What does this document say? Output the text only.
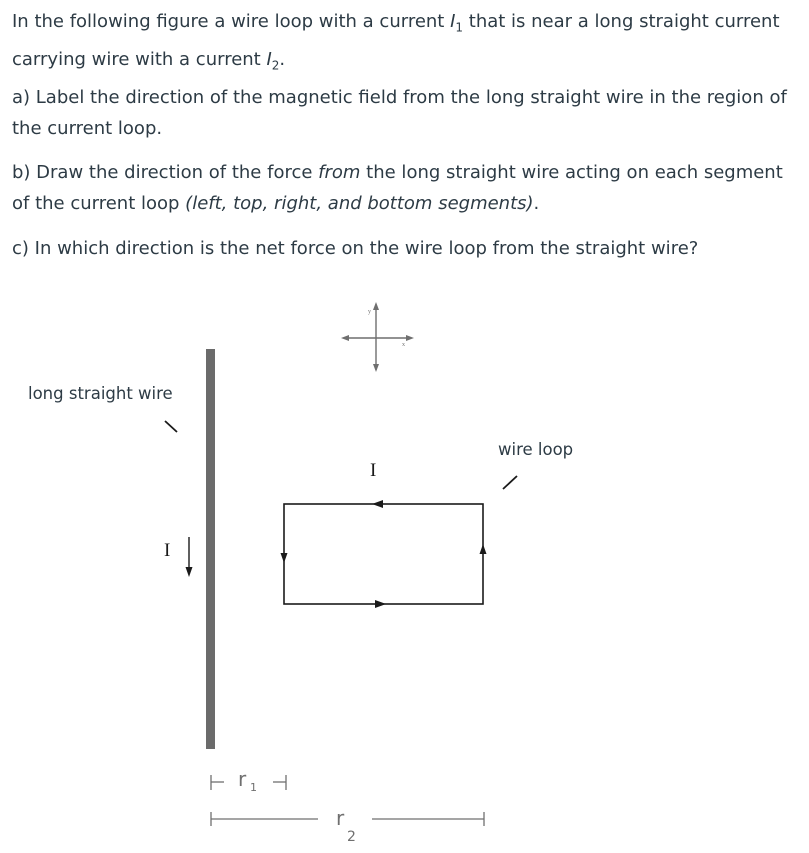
In the following figure a wire loop with a current $I_1$ that is near a long straight current carrying wire with a current $I_2$.

a) Label the direction of the magnetic field from the long straight wire in the region of the current loop.

b) Draw the direction of the force from the long straight wire acting on each segment of the current loop (left, top, right, and bottom segments).

c) In which direction is the net force on the wire loop from the straight wire?

long straight wire
wire loop
y
x
I
I
r 1
r
2
